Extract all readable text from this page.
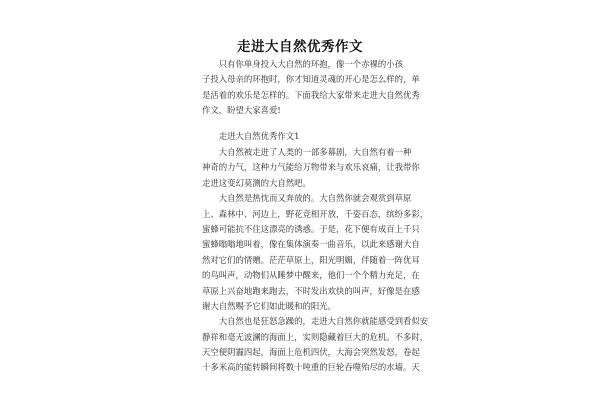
走进大自然优秀作文
　　只有你单身投入大自然的环抱，像一个赤裸的小孩
子投入母亲的环抱时，你才知道灵魂的开心是怎么样的，单
是活着的欢乐是怎样的。下面我给大家带来走进大自然优秀
作文，盼望大家喜爱!
　　走进大自然优秀作文1
　　大自然被走进了人类的一部多幕剧，大自然有着一种
神奇的力气，这种力气能给万物带来与欢乐哀痛，让我带你
走进这变幻莫测的大自然吧。
　　大自然是热忱而又奔放的。大自然你就会观赏到草原
上、森林中、河边上，野花竞相开放，千姿百态，缤纷多彩，
蜜蜂可能抗不住这漂亮的诱惑。于是，花下便有成百上千只
蜜蜂嗡嗡地叫着，像在集体演奏一曲音乐，以此来感谢大自
然对它们的情赠。茫茫草原上，阳光明媚，伴随着一阵优耳
的鸟叫声，动物们从睡梦中醒来，他们一个个精力充足，在
草原上兴奋地跑来跑去，不时发出欢快的叫声，好像是在感
谢大自然赐予它们如此暖和的阳光。
　　大自然也是狂怒急躁的，走进大自然你就能感受到看似安
静祥和毫无波澜的海面上，实则隐藏着巨大的危机。不多时，
天空便阴霾四起，海面上危机四伏，大海会突然发怒，卷起
十多米高的能转瞬间将数十吨重的巨轮吞噬殆尽的水墙。天
